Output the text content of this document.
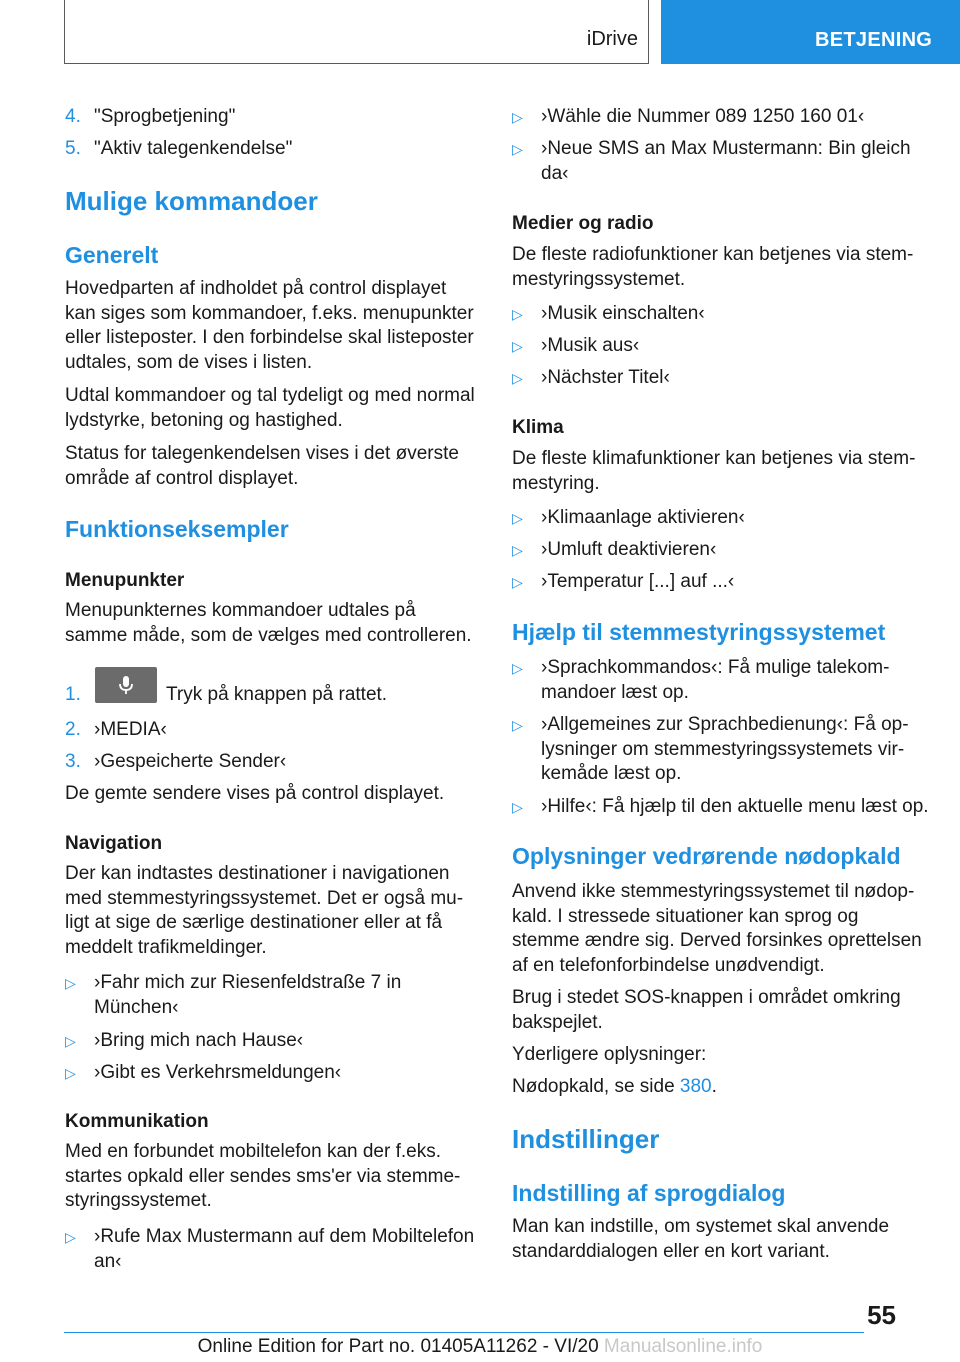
iDrive	BETJENING
4. "Sprogbetjening"
5. "Aktiv talegenkendelse"
Mulige kommandoer
Generelt
Hovedparten af indholdet på control displayet
kan siges som kommandoer, f.eks. menupunkter
eller listeposter. I den forbindelse skal listeposter
udtales, som de vises i listen.
Udtal kommandoer og tal tydeligt og med normal
lydstyrke, betoning og hastighed.
Status for talegenkendelsen vises i det øverste
område af control displayet.
Funktionseksempler
Menupunkter
Menupunkternes kommandoer udtales på
samme måde, som de vælges med controlleren.
1.	Tryk på knappen på rattet.
2. ›MEDIA‹
3. ›Gespeicherte Sender‹
De gemte sendere vises på control displayet.
Navigation
Der kan indtastes destinationer i navigationen
med stemmestyringssystemet. Det er også mu-
ligt at sige de særlige destinationer eller at få
meddelt trafikmeldinger.
▷ ›Fahr mich zur Riesenfeldstraße 7 in
München‹
▷ ›Bring mich nach Hause‹
▷ ›Gibt es Verkehrsmeldungen‹
Kommunikation
Med en forbundet mobiltelefon kan der f.eks.
startes opkald eller sendes sms'er via stemme-
styringssystemet.
▷ ›Rufe Max Mustermann auf dem Mobiltelefon
an‹
▷ ›Wähle die Nummer 089 1250 160 01‹
▷ ›Neue SMS an Max Mustermann: Bin gleich
da‹
Medier og radio
De fleste radiofunktioner kan betjenes via stem-
mestyringssystemet.
▷ ›Musik einschalten‹
▷ ›Musik aus‹
▷ ›Nächster Titel‹
Klima
De fleste klimafunktioner kan betjenes via stem-
mestyring.
▷ ›Klimaanlage aktivieren‹
▷ ›Umluft deaktivieren‹
▷ ›Temperatur [...] auf ...‹
Hjælp til stemmestyringssystemet
▷ ›Sprachkommandos‹: Få mulige talekom-
mandoer læst op.
▷ ›Allgemeines zur Sprachbedienung‹: Få op-
lysninger om stemmestyringssystemets vir-
kemåde læst op.
▷ ›Hilfe‹: Få hjælp til den aktuelle menu læst op.
Oplysninger vedrørende nødopkald
Anvend ikke stemmestyringssystemet til nødop-
kald. I stressede situationer kan sprog og
stemme ændre sig. Derved forsinkes oprettelsen
af en telefonforbindelse unødvendigt.
Brug i stedet SOS-knappen i området omkring
bakspejlet.
Yderligere oplysninger:
Nødopkald, se side 380.
Indstillinger
Indstilling af sprogdialog
Man kan indstille, om systemet skal anvende
standarddialogen eller en kort variant.
55
Online Edition for Part no. 01405A11262 - VI/20 Manualsonline.info
